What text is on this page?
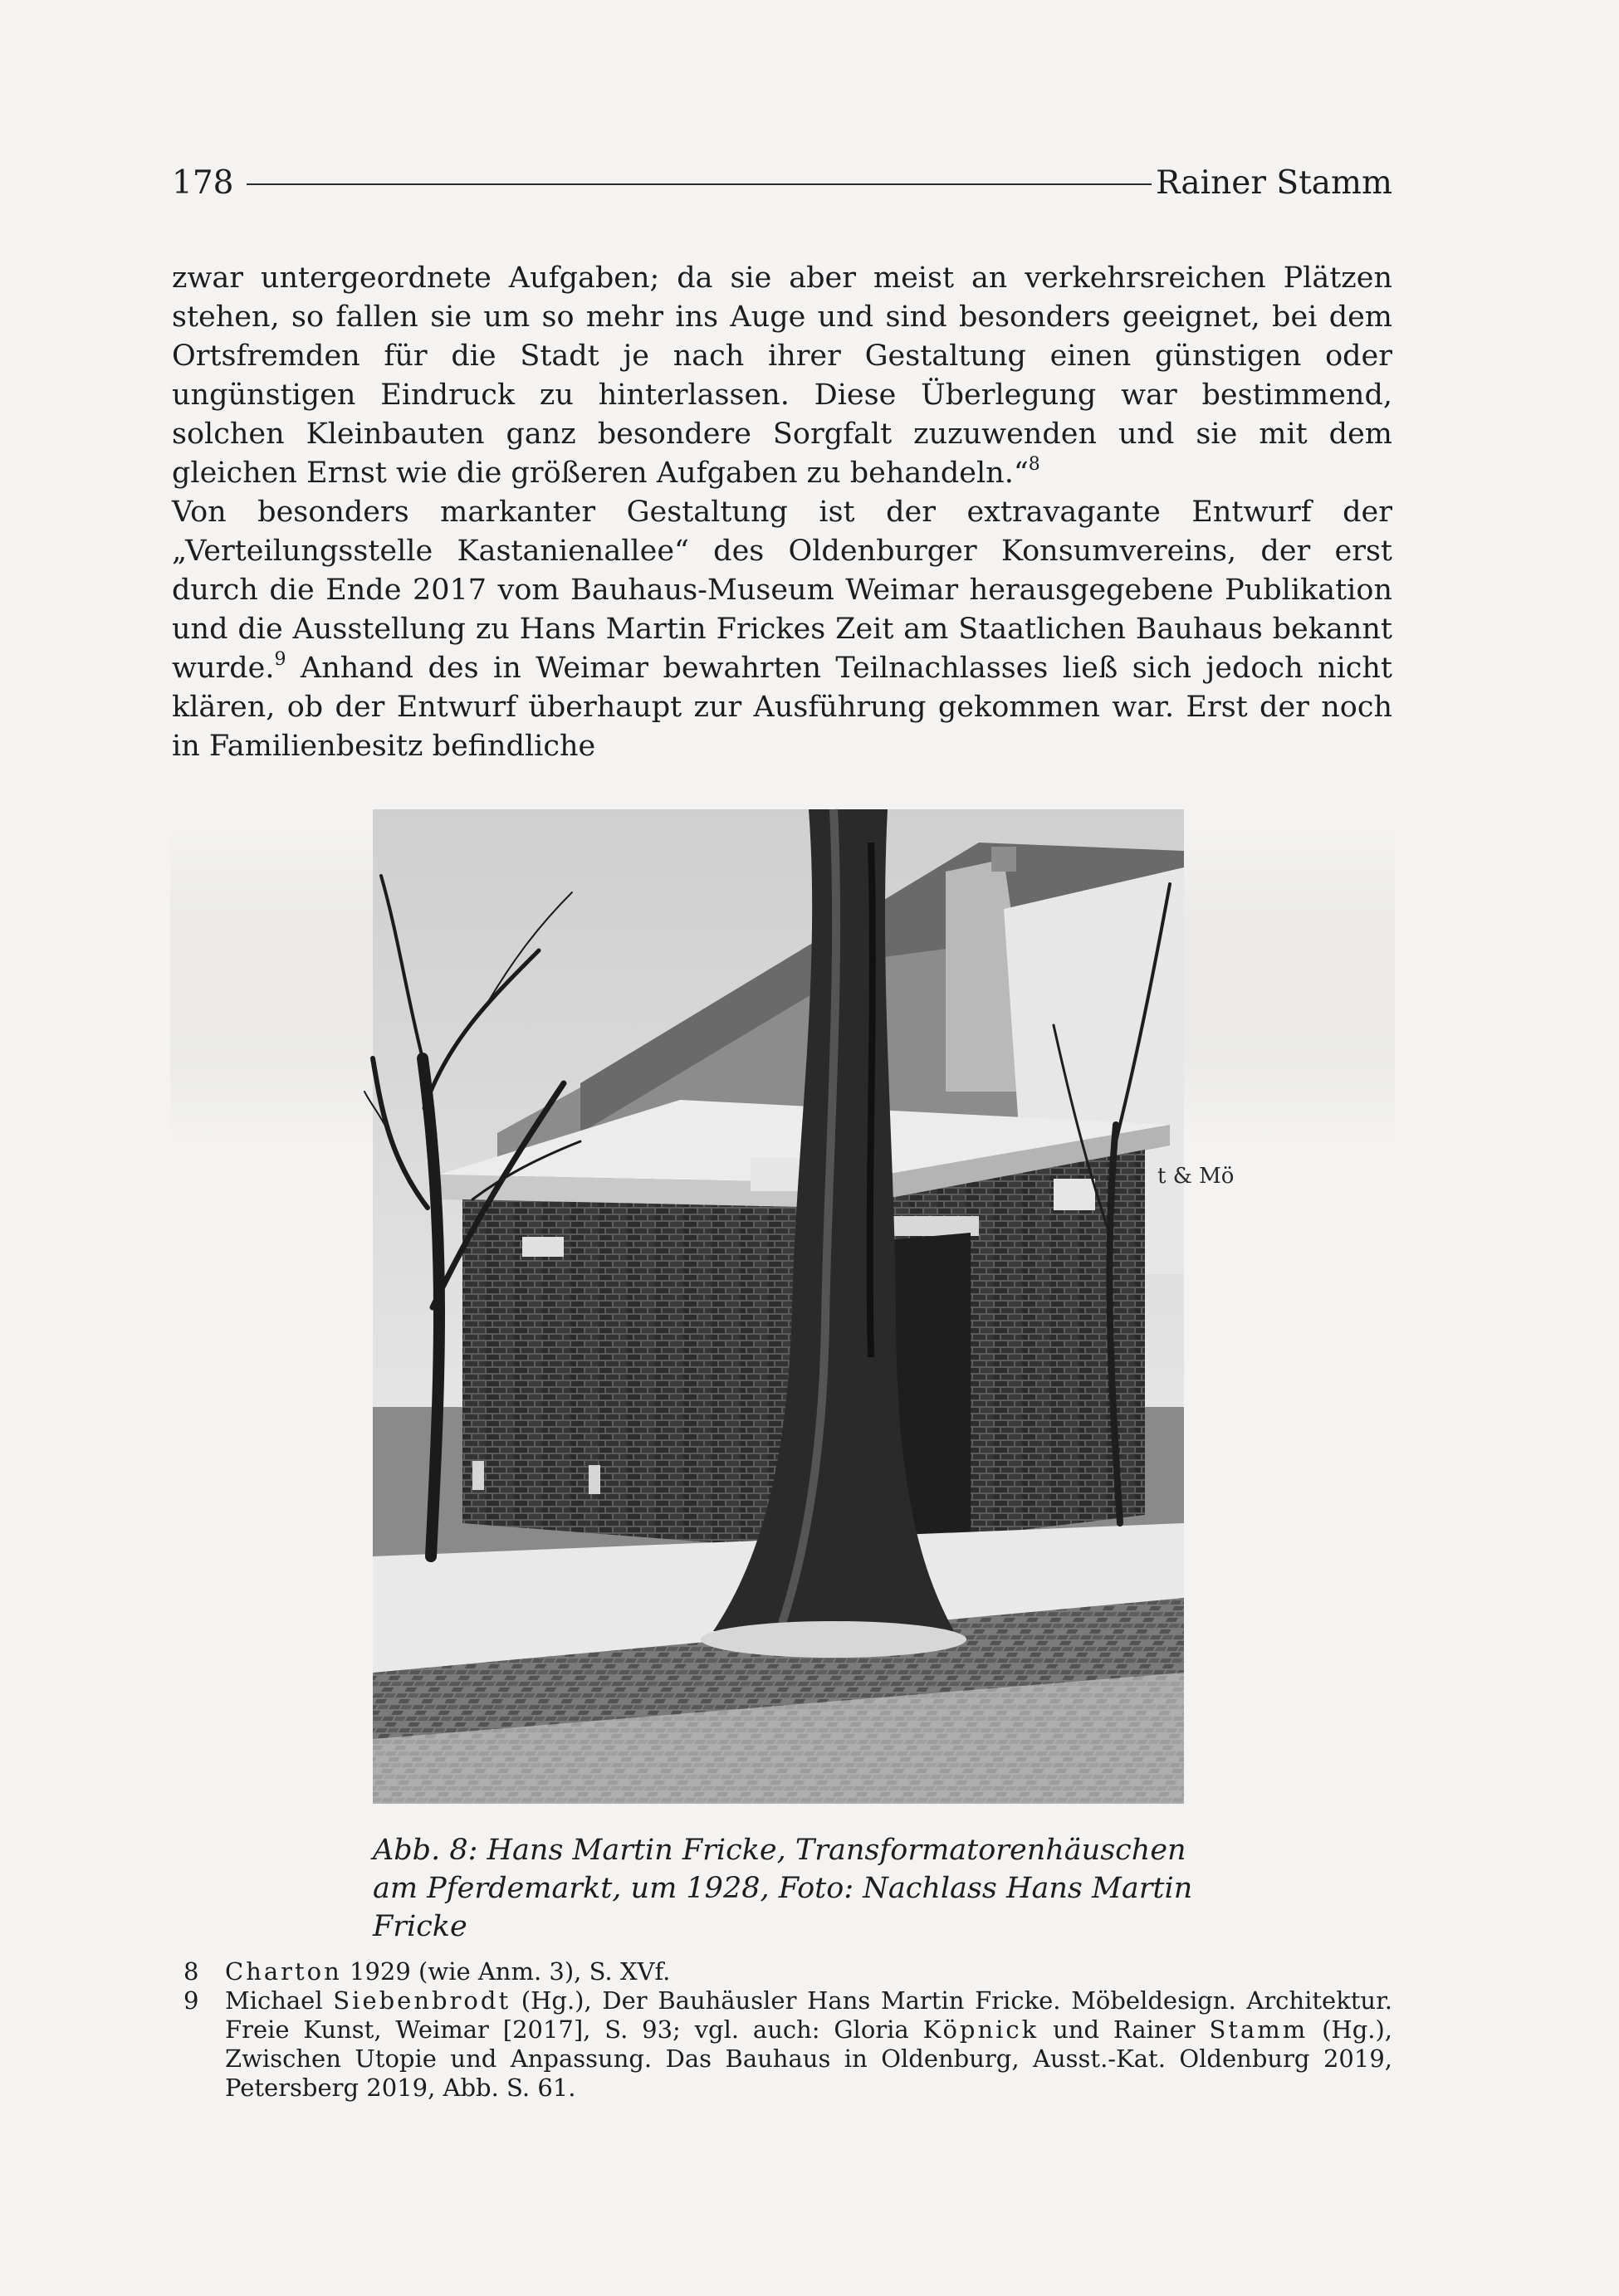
178	Rainer Stamm

zwar untergeordnete Aufgaben; da sie aber meist an verkehrsreichen Plätzen stehen, so fallen sie um so mehr ins Auge und sind besonders geeignet, bei dem Ortsfremden für die Stadt je nach ihrer Gestaltung einen günstigen oder ungünstigen Eindruck zu hinterlassen. Diese Überlegung war bestimmend, solchen Kleinbauten ganz besondere Sorgfalt zuzuwenden und sie mit dem gleichen Ernst wie die größeren Aufgaben zu behandeln.“$^8$

Von besonders markanter Gestaltung ist der extravagante Entwurf der „Verteilungsstelle Kastanienallee“ des Oldenburger Konsumvereins, der erst durch die Ende 2017 vom Bauhaus-Museum Weimar herausgegebene Publikation und die Ausstellung zu Hans Martin Frickes Zeit am Staatlichen Bauhaus bekannt wurde.$^9$ Anhand des in Weimar bewahrten Teilnachlasses ließ sich jedoch nicht klären, ob der Entwurf überhaupt zur Ausführung gekommen war. Erst der noch in Familienbesitz befindliche

t & Mö
Abb. 8: Hans Martin Fricke, Transformatorenhäuschen am Pferdemarkt, um 1928, Foto: Nachlass Hans Martin Fricke
8 Charton 1929 (wie Anm. 3), S. XVf.
9 Michael Siebenbrodt (Hg.), Der Bauhäusler Hans Martin Fricke. Möbeldesign. Architektur. Freie Kunst, Weimar [2017], S. 93; vgl. auch: Gloria Köpnick und Rainer Stamm (Hg.), Zwischen Utopie und Anpassung. Das Bauhaus in Oldenburg, Ausst.-Kat. Oldenburg 2019, Petersberg 2019, Abb. S. 61.
